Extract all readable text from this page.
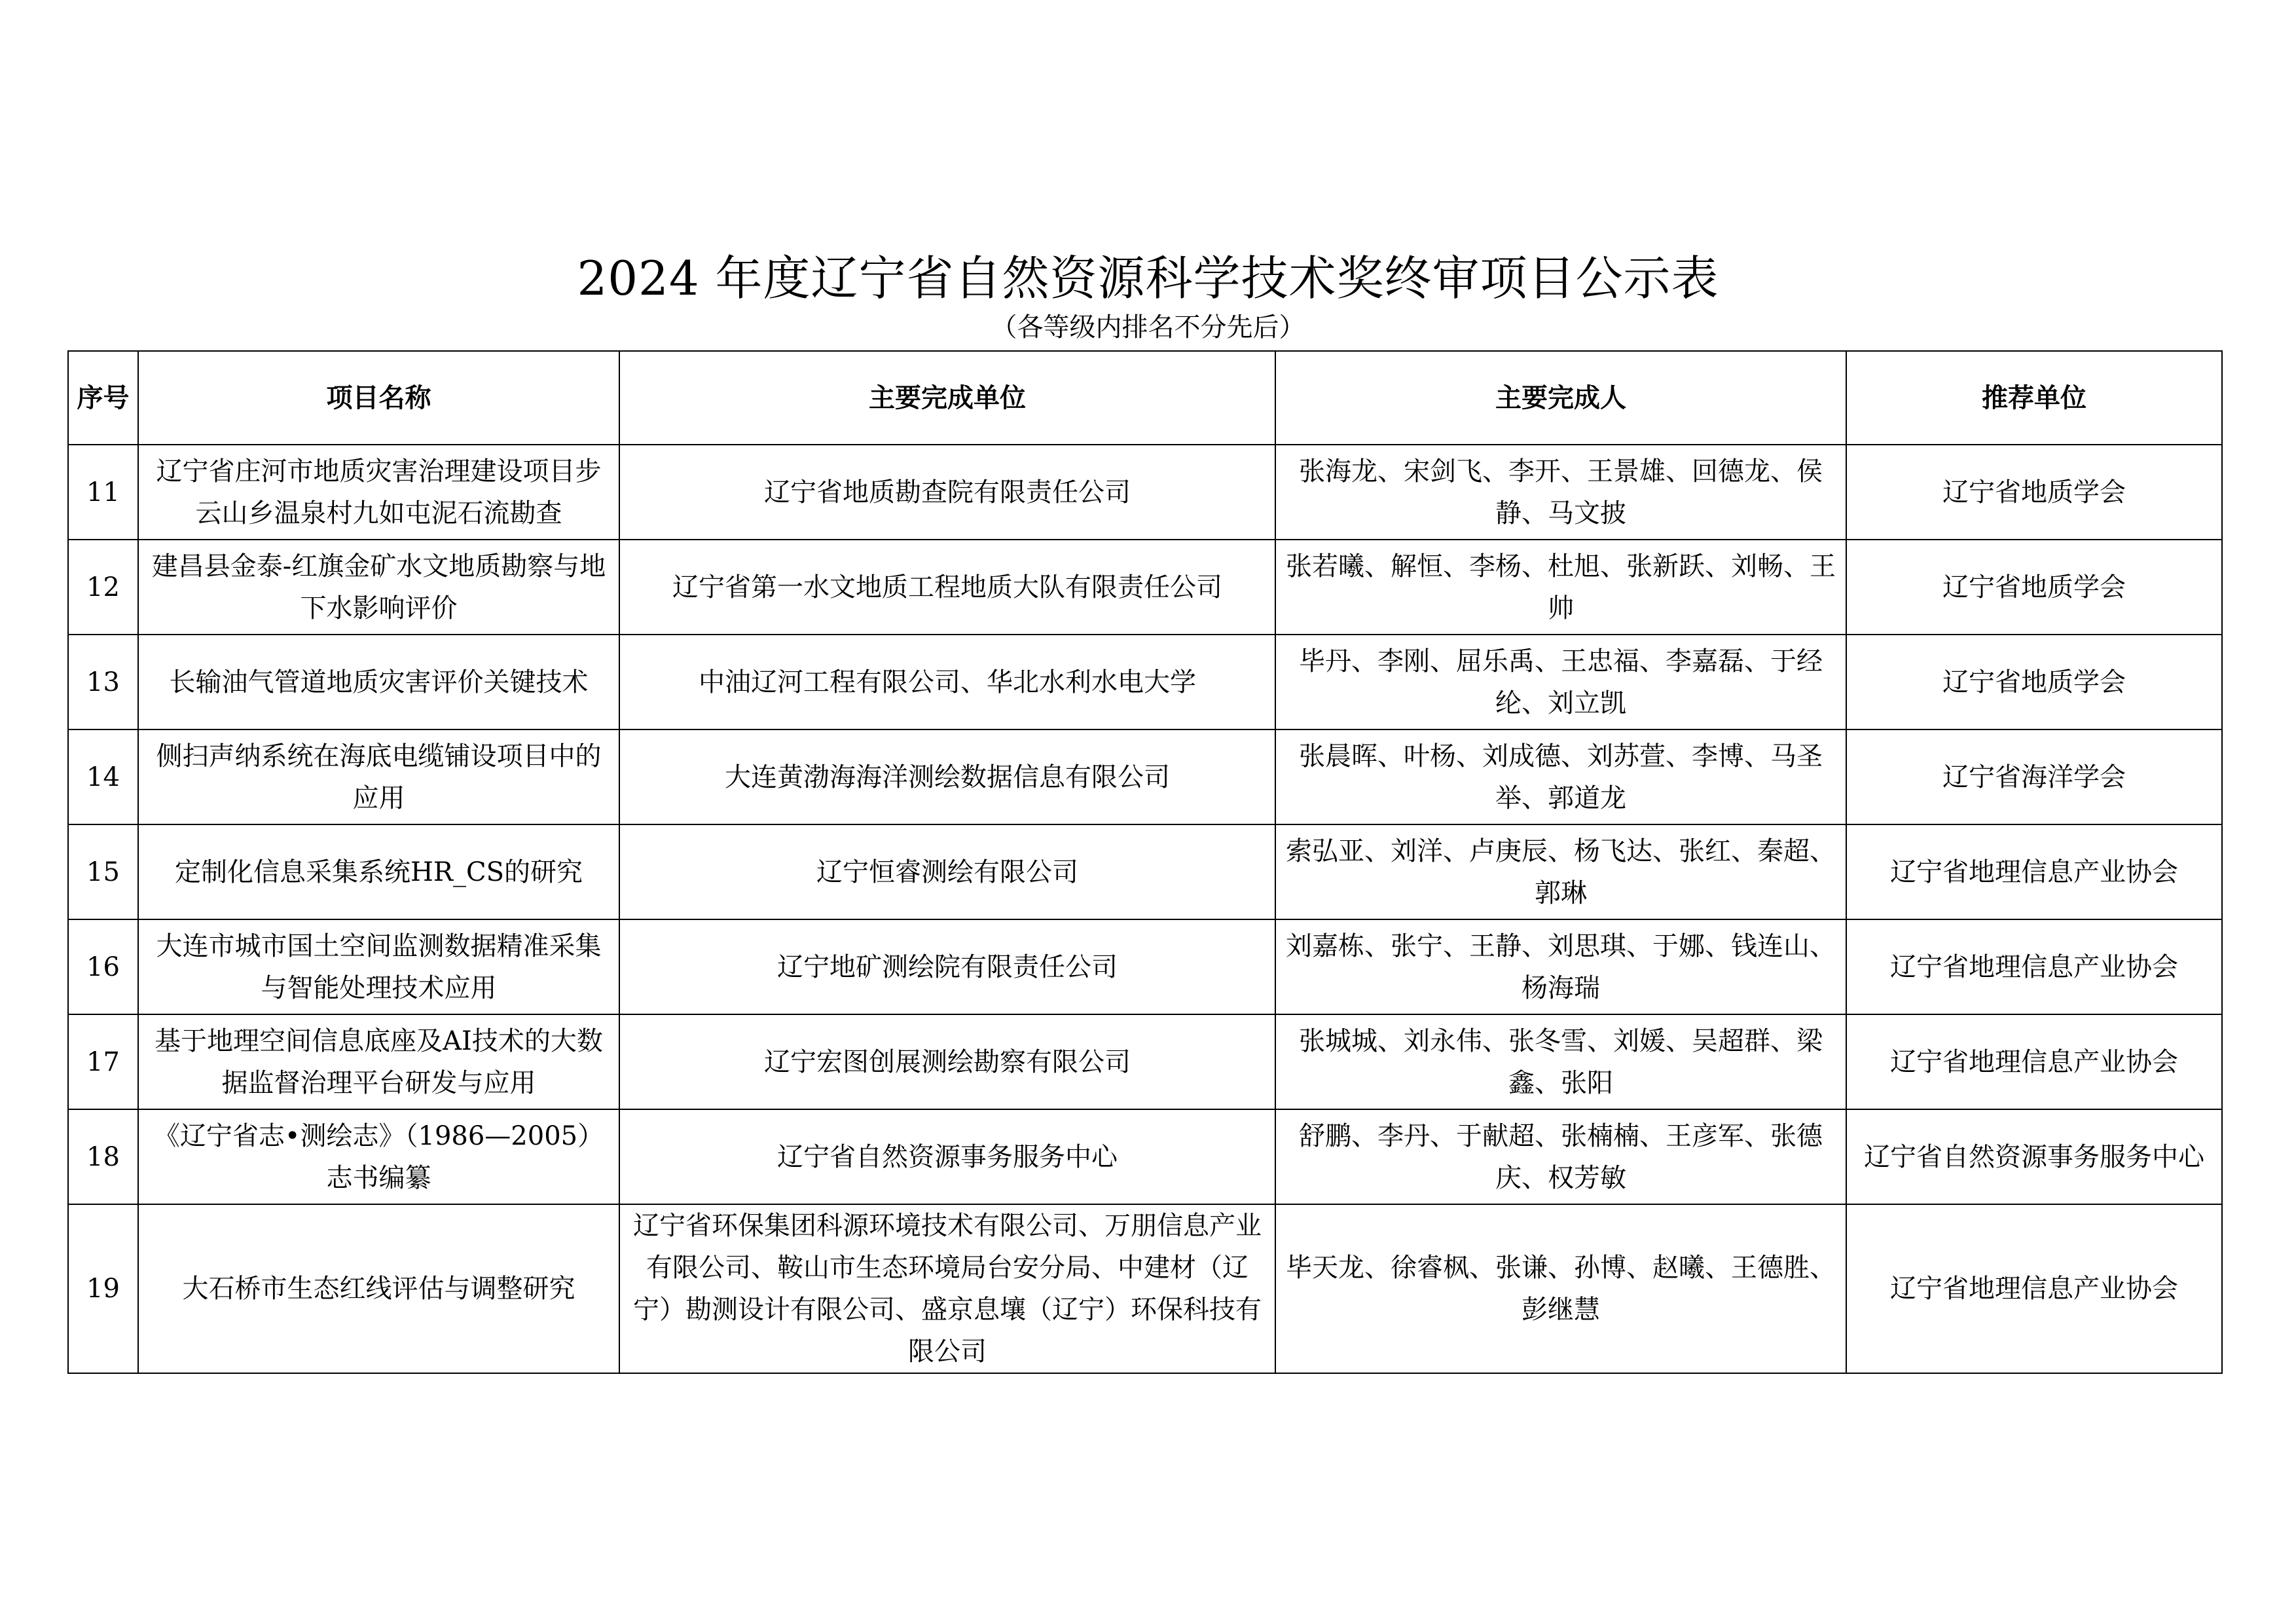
2024 年度辽宁省自然资源科学技术奖终审项目公示表
（各等级内排名不分先后）
序号	项目名称	主要完成单位	主要完成人	推荐单位
11	辽宁省庄河市地质灾害治理建设项目步云山乡温泉村九如屯泥石流勘查	辽宁省地质勘查院有限责任公司	张海龙、宋剑飞、李开、王景雄、回德龙、侯静、马文披	辽宁省地质学会
12	建昌县金泰-红旗金矿水文地质勘察与地下水影响评价	辽宁省第一水文地质工程地质大队有限责任公司	张若曦、解恒、李杨、杜旭、张新跃、刘畅、王帅	辽宁省地质学会
13	长输油气管道地质灾害评价关键技术	中油辽河工程有限公司、华北水利水电大学	毕丹、李刚、屈乐禹、王忠福、李嘉磊、于经纶、刘立凯	辽宁省地质学会
14	侧扫声纳系统在海底电缆铺设项目中的应用	大连黄渤海海洋测绘数据信息有限公司	张晨晖、叶杨、刘成德、刘苏萱、李博、马圣举、郭道龙	辽宁省海洋学会
15	定制化信息采集系统HR_CS的研究	辽宁恒睿测绘有限公司	索弘亚、刘洋、卢庚辰、杨飞达、张红、秦超、郭琳	辽宁省地理信息产业协会
16	大连市城市国土空间监测数据精准采集与智能处理技术应用	辽宁地矿测绘院有限责任公司	刘嘉栋、张宁、王静、刘思琪、于娜、钱连山、杨海瑞	辽宁省地理信息产业协会
17	基于地理空间信息底座及AI技术的大数据监督治理平台研发与应用	辽宁宏图创展测绘勘察有限公司	张城城、刘永伟、张冬雪、刘媛、吴超群、梁鑫、张阳	辽宁省地理信息产业协会
18	《辽宁省志•测绘志》（1986—2005）志书编纂	辽宁省自然资源事务服务中心	舒鹏、李丹、于献超、张楠楠、王彦军、张德庆、权芳敏	辽宁省自然资源事务服务中心
19	大石桥市生态红线评估与调整研究	辽宁省环保集团科源环境技术有限公司、万朋信息产业有限公司、鞍山市生态环境局台安分局、中建材（辽宁）勘测设计有限公司、盛京息壤（辽宁）环保科技有限公司	毕天龙、徐睿枫、张谦、孙博、赵曦、王德胜、彭继慧	辽宁省地理信息产业协会
